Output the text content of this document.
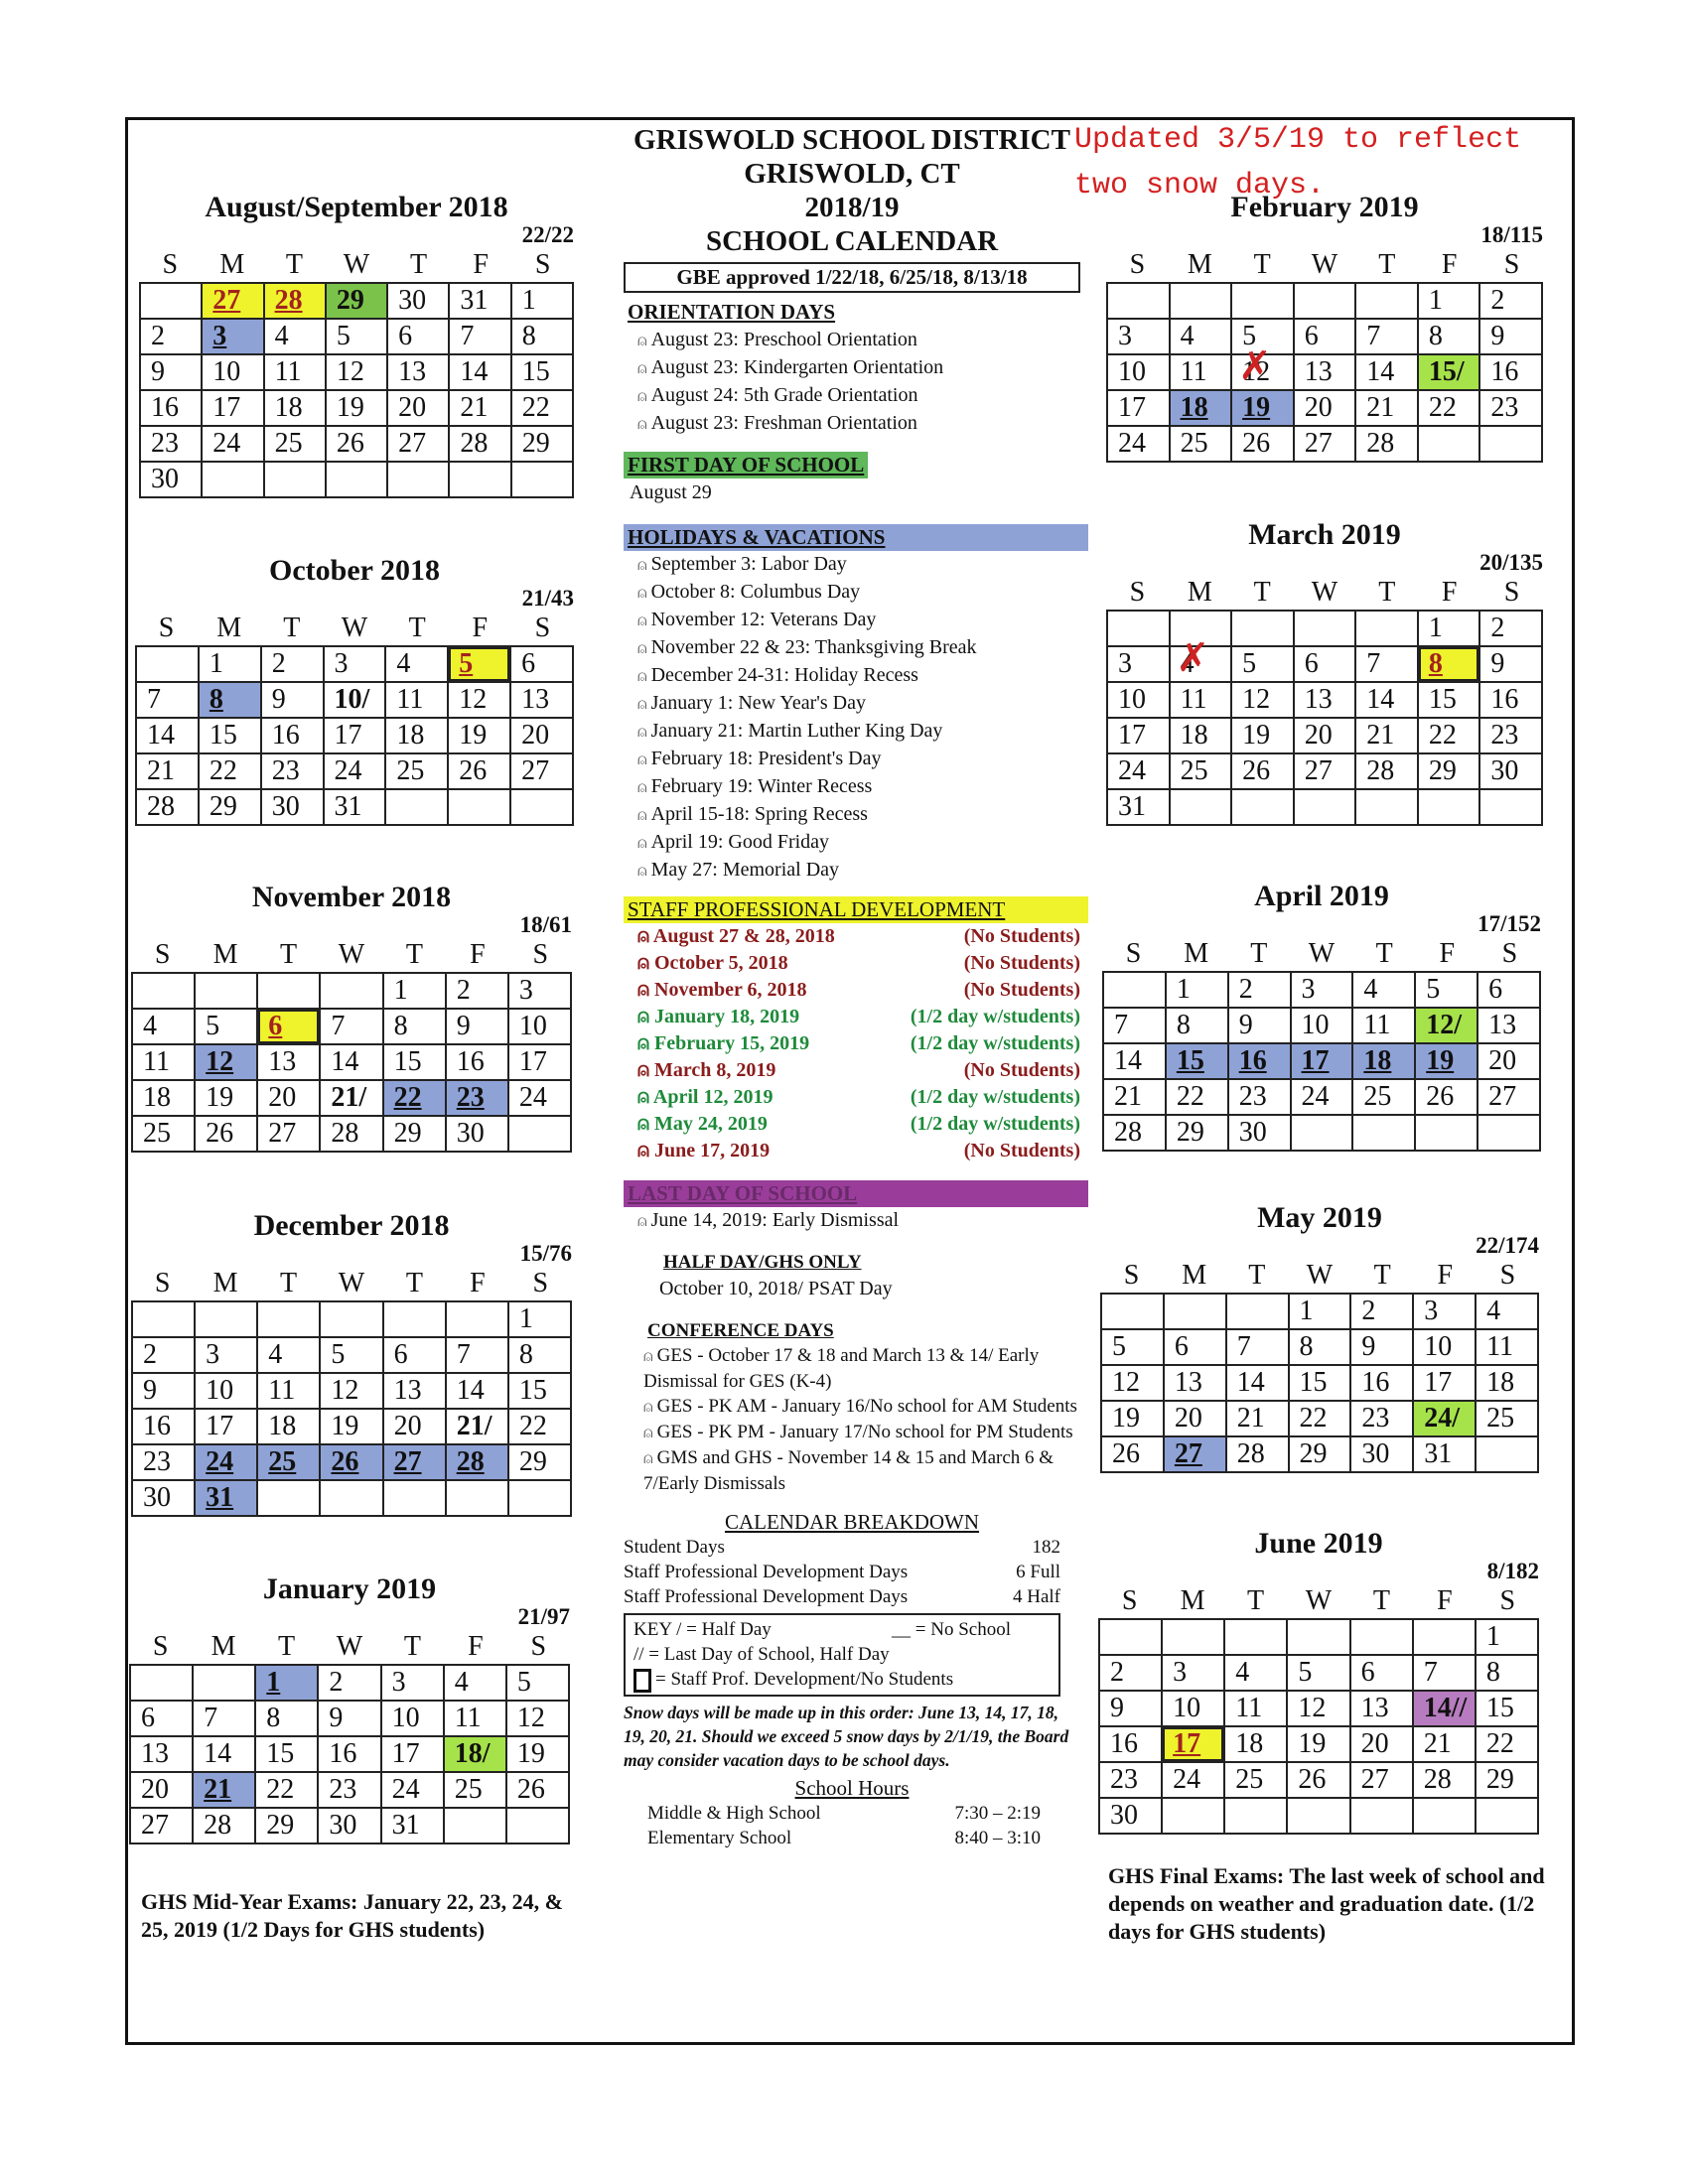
Updated 3/5/19 to reflect
two snow days.
August/September 2018
22/22
S	M	T	W	T	F	S
	27	28	29	30	31	1
2	3	4	5	6	7	8
9	10	11	12	13	14	15
16	17	18	19	20	21	22
23	24	25	26	27	28	29
30						
October 2018
21/43
S	M	T	W	T	F	S
	1	2	3	4	5	6
7	8	9	10/	11	12	13
14	15	16	17	18	19	20
21	22	23	24	25	26	27
28	29	30	31			
November 2018
18/61
S	M	T	W	T	F	S
				1	2	3
4	5	6	7	8	9	10
11	12	13	14	15	16	17
18	19	20	21/	22	23	24
25	26	27	28	29	30	
December 2018
15/76
S	M	T	W	T	F	S
						1
2	3	4	5	6	7	8
9	10	11	12	13	14	15
16	17	18	19	20	21/	22
23	24	25	26	27	28	29
30	31					
January 2019
21/97
S	M	T	W	T	F	S
		1	2	3	4	5
6	7	8	9	10	11	12
13	14	15	16	17	18/	19
20	21	22	23	24	25	26
27	28	29	30	31		
February 2019
18/115
S	M	T	W	T	F	S
					1	2
3	4	5	6	7	8	9
10	11	12 ✗	13	14	15/	16
17	18	19	20	21	22	23
24	25	26	27	28		
March 2019
20/135
S	M	T	W	T	F	S
					1	2
3	4 ✗	5	6	7	8	9
10	11	12	13	14	15	16
17	18	19	20	21	22	23
24	25	26	27	28	29	30
31						
April 2019
17/152
S	M	T	W	T	F	S
	1	2	3	4	5	6
7	8	9	10	11	12/	13
14	15	16	17	18	19	20
21	22	23	24	25	26	27
28	29	30				
May 2019
22/174
S	M	T	W	T	F	S
			1	2	3	4
5	6	7	8	9	10	11
12	13	14	15	16	17	18
19	20	21	22	23	24/	25
26	27	28	29	30	31	
June 2019
8/182
S	M	T	W	T	F	S
						1
2	3	4	5	6	7	8
9	10	11	12	13	14//	15
16	17	18	19	20	21	22
23	24	25	26	27	28	29
30						
GRISWOLD SCHOOL DISTRICT
GRISWOLD, CT
2018/19
SCHOOL CALENDAR
GBE approved 1/22/18, 6/25/18, 8/13/18
ORIENTATION DAYS
⍝ August 23: Preschool Orientation
⍝ August 23: Kindergarten Orientation
⍝ August 24: 5th Grade Orientation
⍝ August 23: Freshman Orientation
FIRST DAY OF SCHOOL
August 29
HOLIDAYS & VACATIONS
⍝ September 3: Labor Day
⍝ October 8: Columbus Day
⍝ November 12: Veterans Day
⍝ November 22 & 23: Thanksgiving Break
⍝ December 24-31: Holiday Recess
⍝ January 1: New Year's Day
⍝ January 21: Martin Luther King Day
⍝ February 18: President's Day
⍝ February 19: Winter Recess
⍝ April 15-18: Spring Recess
⍝ April 19: Good Friday
⍝ May 27: Memorial Day
STAFF PROFESSIONAL DEVELOPMENT
⍝ August 27 & 28, 2018	(No Students)
⍝ October 5, 2018	(No Students)
⍝ November 6, 2018	(No Students)
⍝ January 18, 2019	(1/2 day w/students)
⍝ February 15, 2019	(1/2 day w/students)
⍝ March 8, 2019	(No Students)
⍝ April 12, 2019	(1/2 day w/students)
⍝ May 24, 2019	(1/2 day w/students)
⍝ June 17, 2019	(No Students)
LAST DAY OF SCHOOL
⍝ June 14, 2019: Early Dismissal
HALF DAY/GHS ONLY
October 10, 2018/ PSAT Day
CONFERENCE DAYS
⍝ GES - October 17 & 18 and March 13 & 14/ Early Dismissal for GES (K-4)
⍝ GES - PK AM - January 16/No school for AM Students
⍝ GES - PK PM - January 17/No school for PM Students
⍝ GMS and GHS - November 14 & 15 and March 6 & 7/Early Dismissals
CALENDAR BREAKDOWN
Student Days	182
Staff Professional Development Days	6 Full
Staff Professional Development Days	4 Half
KEY / = Half Day	__ = No School
// = Last Day of School, Half Day
= Staff Prof. Development/No Students
Snow days will be made up in this order: June 13, 14, 17, 18, 19, 20, 21. Should we exceed 5 snow days by 2/1/19, the Board may consider vacation days to be school days.
School Hours
Middle & High School	7:30 – 2:19
Elementary School	8:40 – 3:10
GHS Mid-Year Exams: January 22, 23, 24, & 25, 2019 (1/2 Days for GHS students)
GHS Final Exams: The last week of school and depends on weather and graduation date. (1/2 days for GHS students)
